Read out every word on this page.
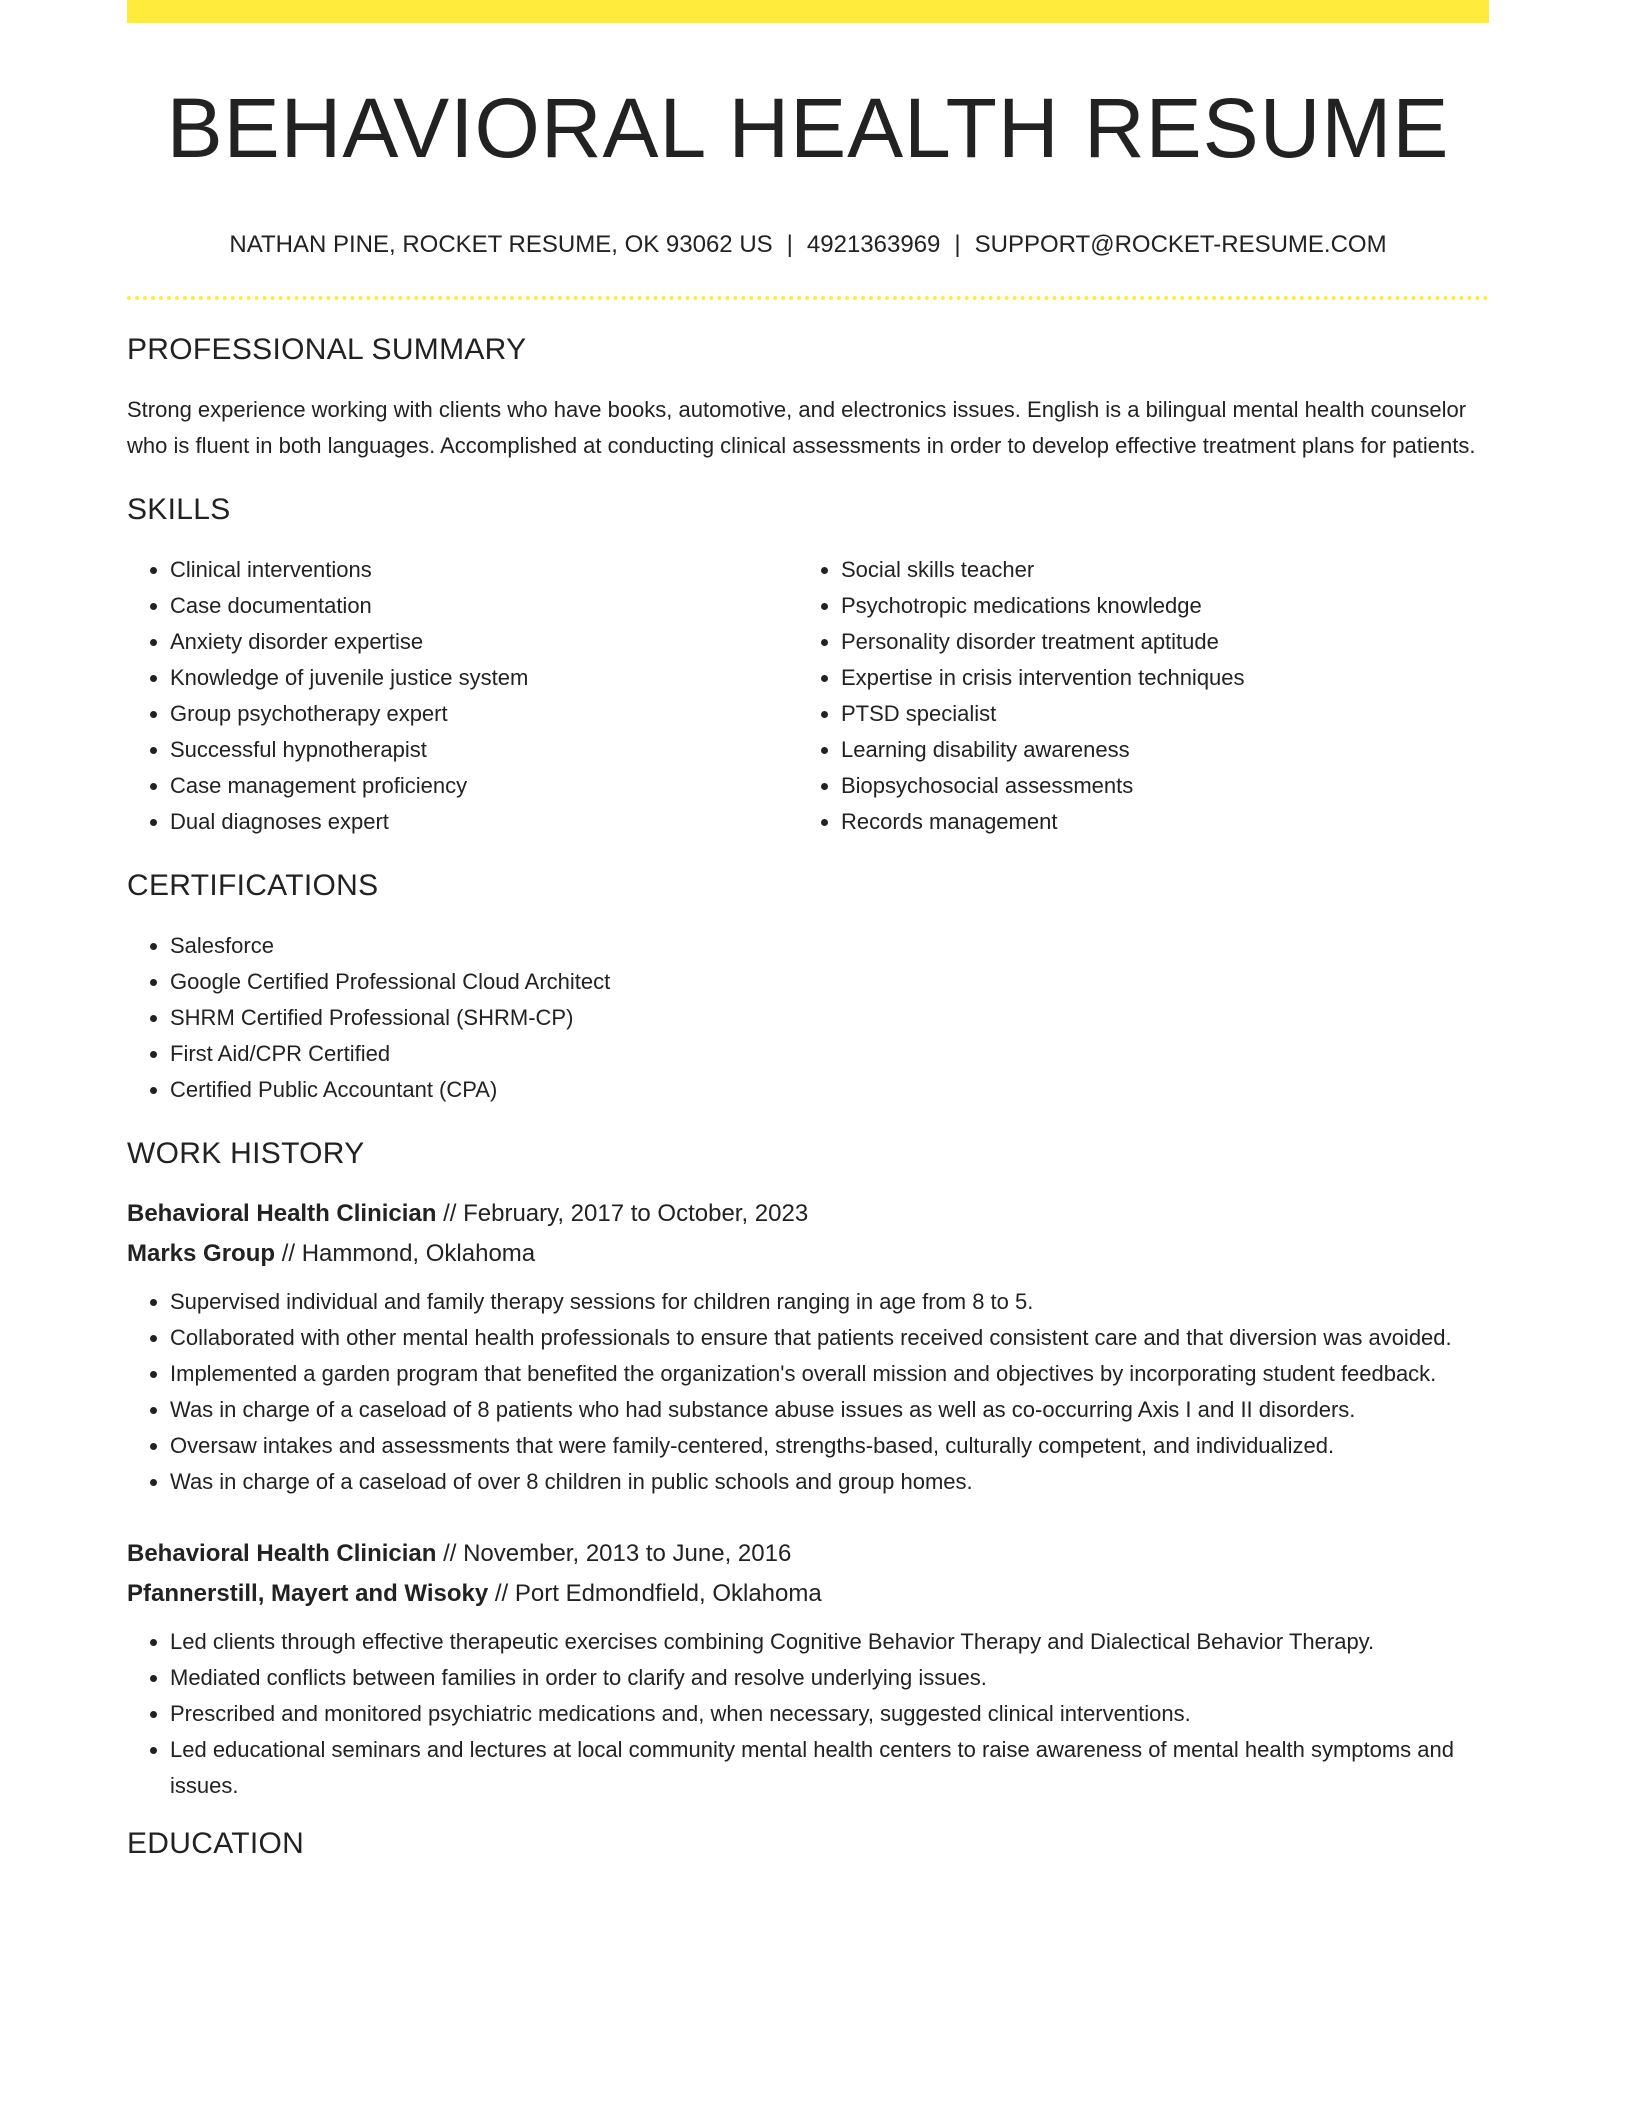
BEHAVIORAL HEALTH RESUME
NATHAN PINE, ROCKET RESUME, OK 93062 US | 4921363969 | SUPPORT@ROCKET-RESUME.COM
PROFESSIONAL SUMMARY

Strong experience working with clients who have books, automotive, and electronics issues. English is a bilingual mental health counselor who is fluent in both languages. Accomplished at conducting clinical assessments in order to develop effective treatment plans for patients.

SKILLS
• Clinical interventions
• Case documentation
• Anxiety disorder expertise
• Knowledge of juvenile justice system
• Group psychotherapy expert
• Successful hypnotherapist
• Case management proficiency
• Dual diagnoses expert
• Social skills teacher
• Psychotropic medications knowledge
• Personality disorder treatment aptitude
• Expertise in crisis intervention techniques
• PTSD specialist
• Learning disability awareness
• Biopsychosocial assessments
• Records management
CERTIFICATIONS
• Salesforce
• Google Certified Professional Cloud Architect
• SHRM Certified Professional (SHRM-CP)
• First Aid/CPR Certified
• Certified Public Accountant (CPA)
WORK HISTORY
Behavioral Health Clinician // February, 2017 to October, 2023
Marks Group // Hammond, Oklahoma
• Supervised individual and family therapy sessions for children ranging in age from 8 to 5.
• Collaborated with other mental health professionals to ensure that patients received consistent care and that diversion was avoided.
• Implemented a garden program that benefited the organization's overall mission and objectives by incorporating student feedback.
• Was in charge of a caseload of 8 patients who had substance abuse issues as well as co-occurring Axis I and II disorders.
• Oversaw intakes and assessments that were family-centered, strengths-based, culturally competent, and individualized.
• Was in charge of a caseload of over 8 children in public schools and group homes.
Behavioral Health Clinician // November, 2013 to June, 2016
Pfannerstill, Mayert and Wisoky // Port Edmondfield, Oklahoma
• Led clients through effective therapeutic exercises combining Cognitive Behavior Therapy and Dialectical Behavior Therapy.
• Mediated conflicts between families in order to clarify and resolve underlying issues.
• Prescribed and monitored psychiatric medications and, when necessary, suggested clinical interventions.
• Led educational seminars and lectures at local community mental health centers to raise awareness of mental health symptoms and issues.
EDUCATION
